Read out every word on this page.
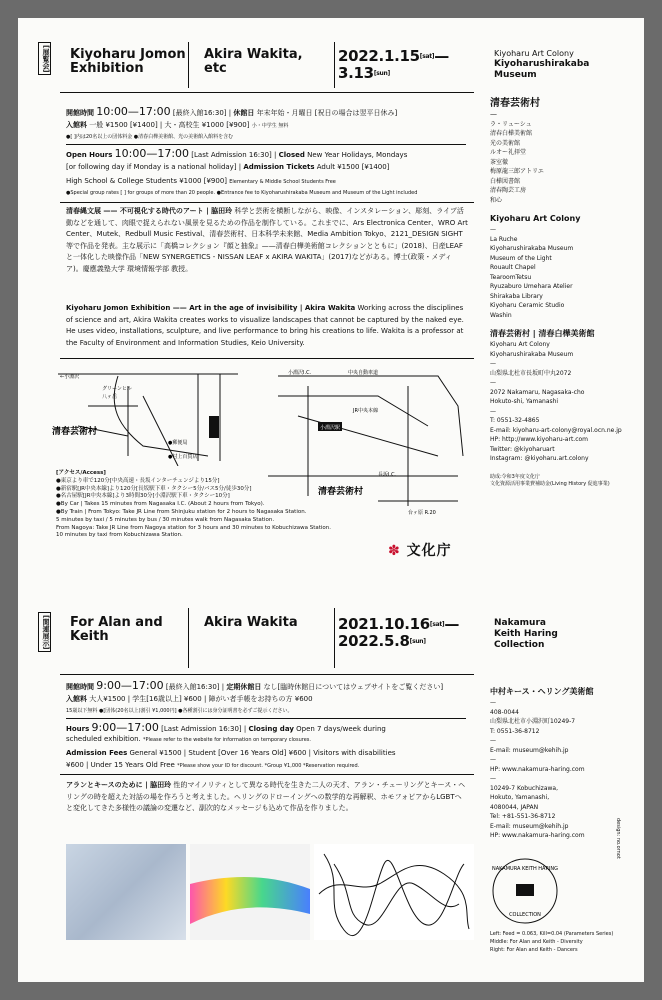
[展覧会] Kiyoharu Jomon Exhibition
Akira Wakita, etc
2022.1.15[sat]—
3.13[sun]
Kiyoharu Art Colony
Kiyoharushirakaba
Museum
開館時間 10:00—17:00 [最終入館16:30] | 休館日 年末年始・月曜日 [祝日の場合は翌平日休み]
入館料 一般 ¥1500 [¥1400] | 大・高校生 ¥1000 [¥900] 小・中学生 無料
●[ ]内は20名以上の団体料金 ●清春白樺美術館、光の美術館入館料を含む
Open Hours 10:00—17:00 [Last Admission 16:30] | Closed New Year Holidays, Mondays
[or following day if Monday is a national holiday] | Admission Tickets Adult ¥1500 [¥1400]
High School & College Students ¥1000 [¥900] Elementary & Middle School Students Free
●Special group rates [ ] for groups of more than 20 people. ●Entrance fee to Kiyoharushirakaba Museum and Museum of the Light included
清春縄文展 —— 不可視化する時代のアート | 脇田玲 科学と芸術を横断しながら、映像、インスタレーション、彫刻、ライブ活動などを通して、肉眼で捉えられない風景を見るための作品を制作している。これまでに、Ars Electronica Center、WRO Art Center、Mutek、Redbull Music Festival、清春芸術村、日本科学未来館、Media Ambition Tokyo、2121_DESIGN SIGHT等で作品を発表。主な展示に「高橋コレクション『顔と抽象』——清春白樺美術館コレクションとともに」(2018)、日産LEAFと一体化した映像作品「NEW SYNERGETICS - NISSAN LEAF x AKIRA WAKITA」(2017)などがある。博士(政策・メディア)。慶應義塾大学 環境情報学部 教授。
Kiyoharu Jomon Exhibition —— Art in the age of invisibility | Akira Wakita Working across the disciplines of science and art, Akira Wakita creates works to visualize landscapes that cannot be captured by the naked eye. He uses video, installations, sculpture, and live performance to bring his creations to life. Wakita is a professor at the Faculty of Environment and Information Studies, Keio University.
←小淵沢
グリーンヒル
八ヶ岳
清春芸術村
●郵便局
●村上百貨店
小淵沢I.C.	中央自動車道
小淵沢駅
JR中央本線
長坂I.C.
清春芸術村
台ヶ原 R.20
[アクセス/Access]
●東京より車で120分[中央高速・長坂インターチェンジより15分]
●新宿駅[JR中央本線]より120分[長坂駅下車・タクシー5分/バス5分/徒歩30分]
●名古屋駅[JR中央本線]より3時間30分[小淵沢駅下車・タクシー10分]
●By Car | Takes 15 minutes from Nagasaka I.C. (About 2 hours from Tokyo).
●By Train | From Tokyo: Take JR Line from Shinjuku station for 2 hours to Nagasaka Station.
5 minutes by taxi / 5 minutes by bus / 30 minutes walk from Nagasaka Station.
From Nagoya: Take JR Line from Nagoya station for 3 hours and 30 minutes to Kobuchizawa Station.
10 minutes by taxi from Kobuchizawa Station.
✽ 文化庁
清春芸術村
—
ラ・リューシュ
清春白樺美術館
光の美術館
ルオー礼拝堂
茶室徹
梅原龍三郎アトリエ
白樺図書館
清春陶芸工房
和心
Kiyoharu Art Colony
—
La Ruche
Kiyoharushirakaba Museum
Museum of the Light
Rouault Chapel
TearoomTetsu
Ryuzaburo Umehara Atelier
Shirakaba Library
Kiyoharu Ceramic Studio
Washin
清春芸術村 | 清春白樺美術館
Kiyoharu Art Colony
Kiyoharushirakaba Museum
—
山梨県北杜市長坂町中丸2072
—
2072 Nakamaru, Nagasaka-cho
Hokuto-shi, Yamanashi
—
T: 0551-32-4865
E-mail: kiyoharu-art-colony@royal.ocn.ne.jp
HP: http://www.kiyoharu-art.com
Twitter: @kiyoharuart
Instagram: @kiyoharu.art.colony
助成:令和3年度文化庁
文化資源活用事業費補助金(Living History 促進事業)
[関連展示] For Alan and Keith
Akira Wakita	2021.10.16[sat]—
2022.5.8[sun]
Nakamura
Keith Haring
Collection
開館時間 9:00—17:00 [最終入館16:30] | 定期休館日 なし[臨時休館日についてはウェブサイトをご覧ください]
入館料 大人¥1500 | 学生[16歳以上] ¥600 | 障がい者手帳をお持ちの方 ¥600
15歳以下無料 ●[団体(20名以上)割引 ¥1,000円] ●各種割引には身分証明書を必ずご提示ください。
Hours 9:00—17:00 [Last Admission 16:30] | Closing day Open 7 days/week during
scheduled exhibition. *Please refer to the website for information on temporary closures.
Admission Fees General ¥1500 | Student [Over 16 Years Old] ¥600 | Visitors with disabilities
¥600 | Under 15 Years Old Free *Please show your ID for discount. *Group ¥1,000 *Reservation required.
アランとキースのために | 脇田玲 性的マイノリティとして異なる時代を生きた二人の天才、アラン・チューリングとキース・ヘリングの時を超えた対話の場を作ろうと考えました。ヘリングのドローイングへの数学的な再解釈、ホモフォビアからLGBTへと変化してきた多様性の議論の変遷など、副次的なメッセージも込めて作品を作りました。
中村キース・ヘリング美術館
—
408-0044
山梨県北杜市小淵沢町10249-7
T: 0551-36-8712
—
E-mail: museum@kehih.jp
—
HP: www.nakamura-haring.com
—
10249-7 Kobuchizawa,
Hokuto, Yamanashi,
4080044, JAPAN
Tel: +81-551-36-8712
E-mail: museum@kehih.jp
HP: www.nakamura-haring.com
NAKAMURA KEITH HARING
COLLECTION
Left: Feed = 0.063, Kill=0.04 (Parameters Series)
Middle: For Alan and Keith - Diversity
Right: For Alan and Keith - Dancers
design: no.ornot
